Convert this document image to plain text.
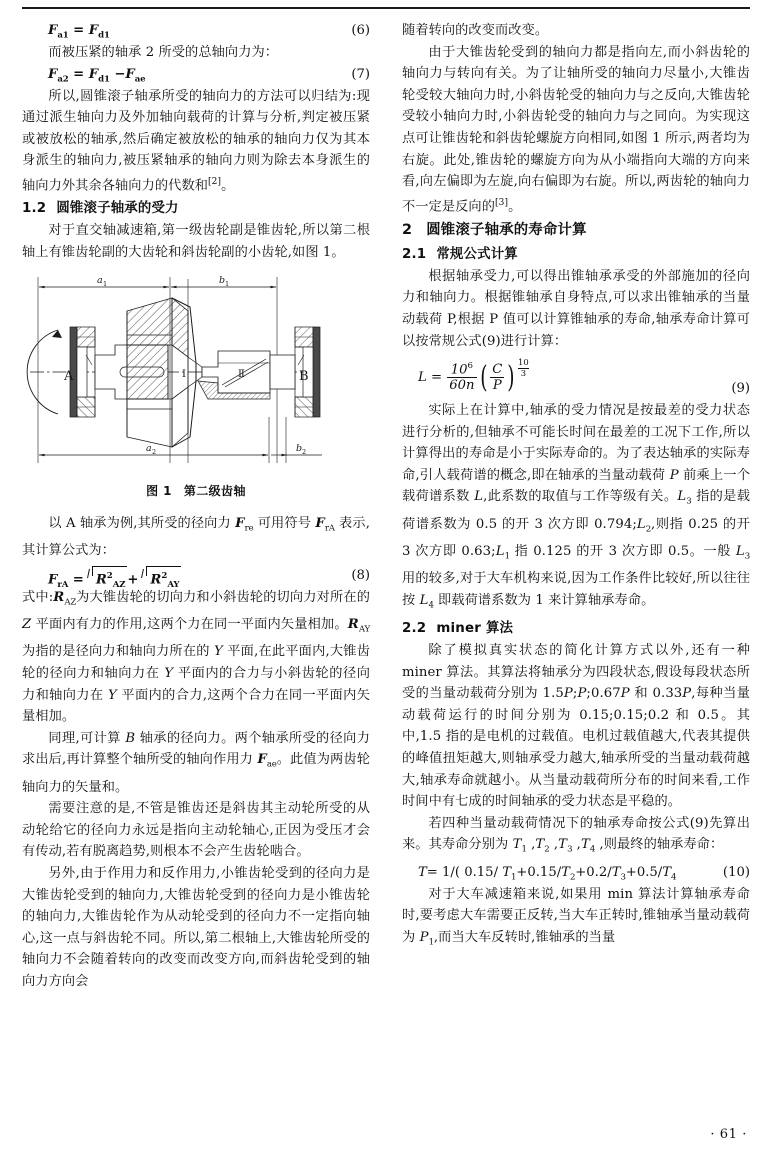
$F_{a1} = F_{d1}$	(6)

而被压紧的轴承 2 所受的总轴向力为：

$F_{a2} = F_{d1} -F_{ae}$	(7)

所以,圆锥滚子轴承所受的轴向力的方法可以归结为:现通过派生轴向力及外加轴向载荷的计算与分析,判定被压紧或被放松的轴承,然后确定被放松的轴承的轴向力仅为其本身派生的轴向力,被压紧轴承的轴向力则为除去本身派生的轴向力外其余各轴向力的代数和[2]。

1.2 圆锥滚子轴承的受力

对于直交轴减速箱,第一级齿轮副是锥齿轮,所以第二根轴上有锥齿轮副的大齿轮和斜齿轮副的小齿轮,如图 1。

a 1	b 1
a 2	b 2
A	B
Ⅰ	Ⅱ
图 1 第二级齿轴

以 A 轴承为例,其所受的径向力 $F_{re}$ 可用符号 $F_{rA}$ 表示,其计算公式为：

$F_{rA} = R^2_{AZ} + R^2_{AY}$
(8)

式中$:R_{AZ}$为大锥齿轮的切向力和小斜齿轮的切向力对所在的 Z 平面内有力的作用,这两个力在同一平面内矢量相加。$R_{AY}$为指的是径向力和轴向力所在的 Y 平面,在此平面内,大锥齿轮的径向力和轴向力在 Y 平面内的合力与小斜齿轮的径向力和轴向力在 Y 平面内的合力,这两个合力在同一平面内矢量相加。

同理,可计算 B 轴承的径向力。两个轴承所受的径向力求出后,再计算整个轴所受的轴向作用力 $F_{ae}$。此值为两齿轮轴向力的矢量和。

需要注意的是,不管是锥齿还是斜齿其主动轮所受的从动轮给它的径向力永远是指向主动轮轴心,正因为受压才会有传动,若有脱离趋势,则根本不会产生齿轮啮合。

另外,由于作用力和反作用力,小锥齿轮受到的径向力是大锥齿轮受到的轴向力,大锥齿轮受到的径向力是小锥齿轮的轴向力,大锥齿轮作为从动轮受到的径向力不一定指向轴心,这一点与斜齿轮不同。所以,第二根轴上,大锥齿轮所受的轴向力不会随着转向的改变而改变方向,而斜齿轮受到的轴向力方向会

随着转向的改变而改变。

由于大锥齿轮受到的轴向力都是指向左,而小斜齿轮的轴向力与转向有关。为了让轴所受的轴向力尽量小,大锥齿轮受较大轴向力时,小斜齿轮受的轴向力与之反向,大锥齿轮受较小轴向力时,小斜齿轮受的轴向力与之同向。为实现这点可让锥齿轮和斜齿轮螺旋方向相同,如图 1 所示,两者均为右旋。此处,锥齿轮的螺旋方向为从小端指向大端的方向来看,向左偏即为左旋,向右偏即为右旋。所以,两齿轮的轴向力不一定是反向的[3]。

2 圆锥滚子轴承的寿命计算
2.1 常规公式计算

根据轴承受力,可以得出锥轴承承受的外部施加的径向力和轴向力。根据锥轴承自身特点,可以求出锥轴承的当量动载荷 P,根据 P 值可以计算锥轴承的寿命,轴承寿命计算可以按常规公式(9)进行计算：

$L = \frac{10^6}{60n}$ ( $\frac{C}{P}$ ) $\frac{10}{3}$
(9)

实际上在计算中,轴承的受力情况是按最差的受力状态进行分析的,但轴承不可能长时间在最差的工况下工作,所以计算得出的寿命是小于实际寿命的。为了表达轴承的实际寿命,引人载荷谱的概念,即在轴承的当量动载荷 P 前乘上一个载荷谱系数 L,此系数的取值与工作等级有关。$L_3$ 指的是载荷谱系数为 0.5 的开 3 次方即 $0.794;L_2$,则指 0.25 的开 3 次方即 $0.63;L_1$ 指 0.125 的开 3 次方即 0.5。一般 $L_3$ 用的较多,对于大车机构来说,因为工作条件比较好,所以往往按 $L_4$ 即载荷谱系数为 1 来计算轴承寿命。

2.2 miner 算法

除了模拟真实状态的简化计算方式以外,还有一种 miner 算法。其算法将轴承分为四段状态,假设每段状态所受的当量动载荷分别为 1.5P;P;0.67P 和 0.33P,每种当量动载荷运行的时间分别为 0.15;0.15;0.2 和 0.5。其中,1.5 指的是电机的过载值。电机过载值越大,代表其提供的峰值扭矩越大,则轴承受力越大,轴承所受的当量动载荷越大,轴承寿命就越小。从当量动载荷所分布的时间来看,工作时间中有七成的时间轴承的受力状态是平稳的。

若四种当量动载荷情况下的轴承寿命按公式(9)先算出来。其寿命分别为 $T_1$ $,T_2$ $,T_3$ $,T_4$ ,则最终的轴承寿命：

T= 1/( 0.15/ $T_1+0.15/T_2+0.2/T_3+0.5/T_4$	(10)

对于大车减速箱来说,如果用 min 算法计算轴承寿命时,要考虑大车需要正反转,当大车正转时,锥轴承当量动载荷为 $P_1$,而当大车反转时,锥轴承的当量

· 61 ·
